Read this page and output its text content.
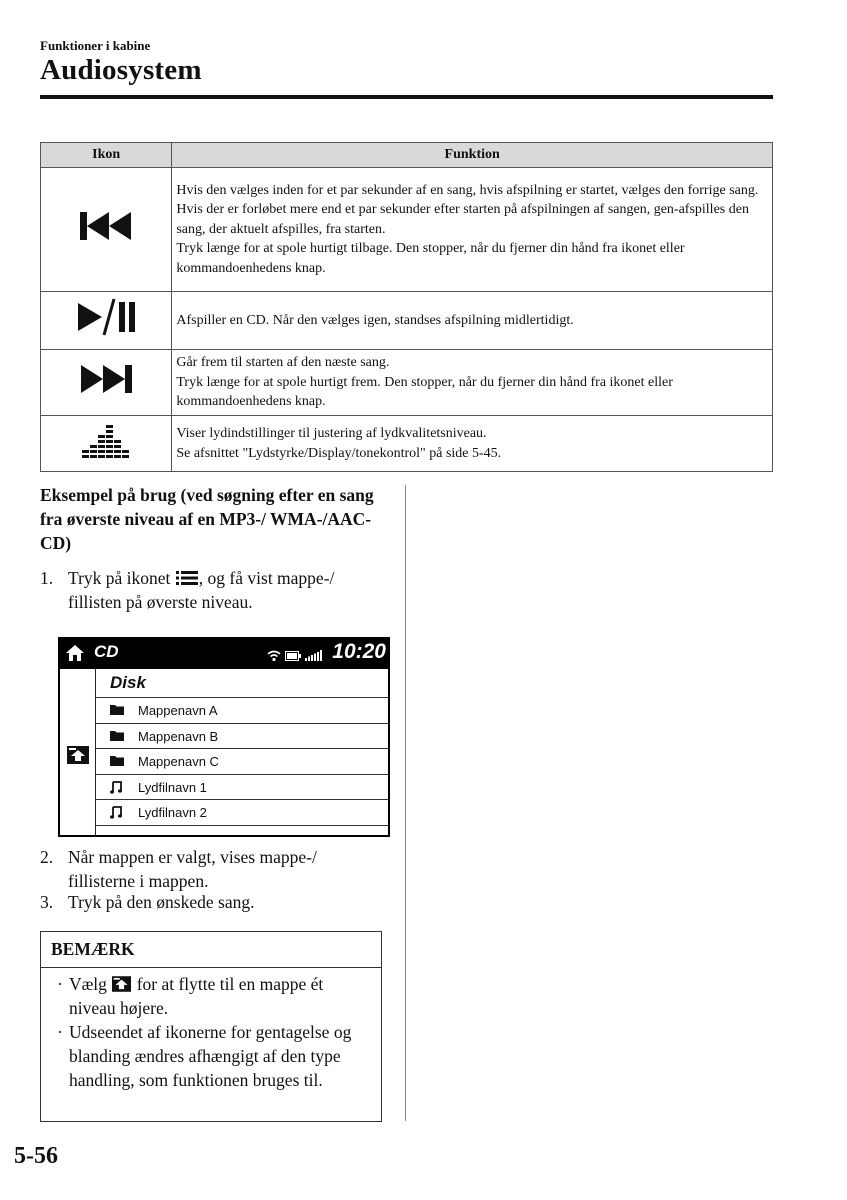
Funktioner i kabine
Audiosystem
Ikon	Funktion

Hvis den vælges inden for et par sekunder af en sang, hvis afspilning er startet, vælges den forrige sang.
Hvis der er forløbet mere end et par sekunder efter starten på afspilningen af sangen, gen-afspilles den sang, der aktuelt afspilles, fra starten.
Tryk længe for at spole hurtigt tilbage. Den stopper, når du fjerner din hånd fra ikonet eller kommandoenhedens knap.

Afspiller en CD. Når den vælges igen, standses afspilning midlertidigt.

Går frem til starten af den næste sang.
Tryk længe for at spole hurtigt frem. Den stopper, når du fjerner din hånd fra ikonet eller kommandoenhedens knap.

Viser lydindstillinger til justering af lydkvalitetsniveau.
Se afsnittet "Lydstyrke/Display/tonekontrol" på side 5-45.
Eksempel på brug (ved søgning efter en sang fra øverste niveau af en MP3-/ WMA-/AAC-CD)
1. Tryk på ikonet , og få vist mappe-/
fillisten på øverste niveau.
CD	10:20
Disk
Mappenavn A
Mappenavn B
Mappenavn C
Lydfilnavn 1
Lydfilnavn 2
2. Når mappen er valgt, vises mappe-/
fillisterne i mappen.
3. Tryk på den ønskede sang.
BEMÆRK
· Vælg for at flytte til en mappe ét niveau højere.
· Udseendet af ikonerne for gentagelse og blanding ændres afhængigt af den type handling, som funktionen bruges til.
5-56
